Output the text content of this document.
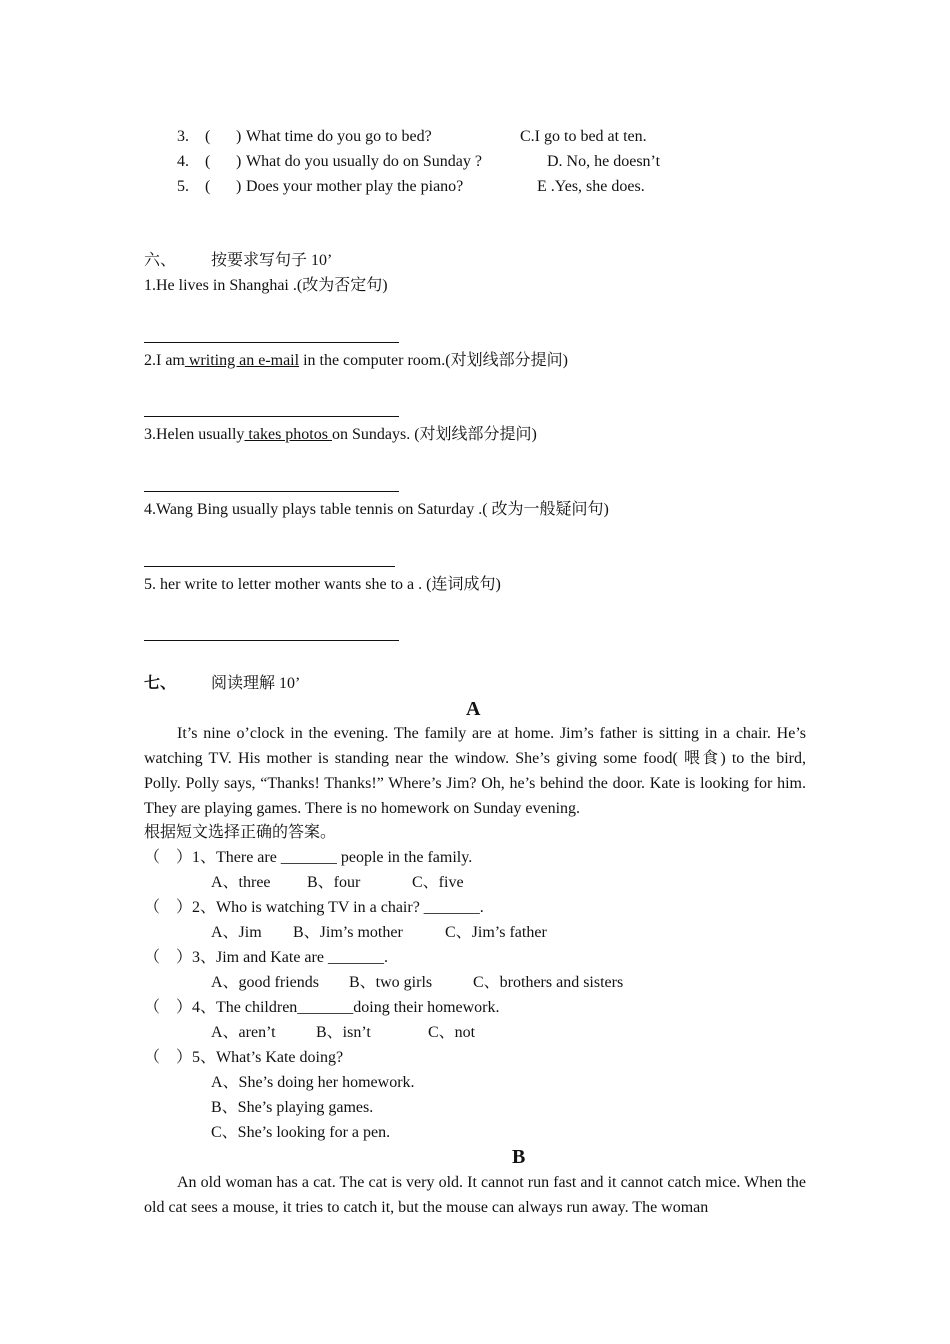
3. ( ) What time do you go to bed?	C.I go to bed at ten.
4. ( ) What do you usually do on Sunday ?	D. No, he doesn’t
5. ( ) Does your mother play the piano?	E .Yes, she does.
六、 按要求写句子 10’
1.He lives in Shanghai .(改为否定句)
2.I am writing an e-mail in the computer room.(对划线部分提问)
3.Helen usually takes photos on Sundays. (对划线部分提问)
4.Wang Bing usually plays table tennis on Saturday .( 改为一般疑问句)
5. her write to letter mother wants she to a . (连词成句)
七、 阅读理解 10’
A
It’s nine o’clock in the evening. The family are at home. Jim’s father is sitting in a chair. He’s watching TV. His mother is standing near the window. She’s giving some food( 喂食) to the bird, Polly. Polly says, “Thanks! Thanks!” Where’s Jim? Oh, he’s behind the door. Kate is looking for him. They are playing games. There is no homework on Sunday evening.
根据短文选择正确的答案。
（　）1、There are _______ people in the family.
A、three B、four	C、five
（　）2、Who is watching TV in a chair? _______.
A、Jim B、Jim’s mother	C、Jim’s father
（　）3、Jim and Kate are _______.
A、good friends B、two girls	C、brothers and sisters
（　）4、The children_______doing their homework.
A、aren’t	B、isn’t	C、not
（　）5、What’s Kate doing?
A、She’s doing her homework.
B、She’s playing games.
C、She’s looking for a pen.
B
An old woman has a cat. The cat is very old. It cannot run fast and it cannot catch mice. When the old cat sees a mouse, it tries to catch it, but the mouse can always run away. The woman
